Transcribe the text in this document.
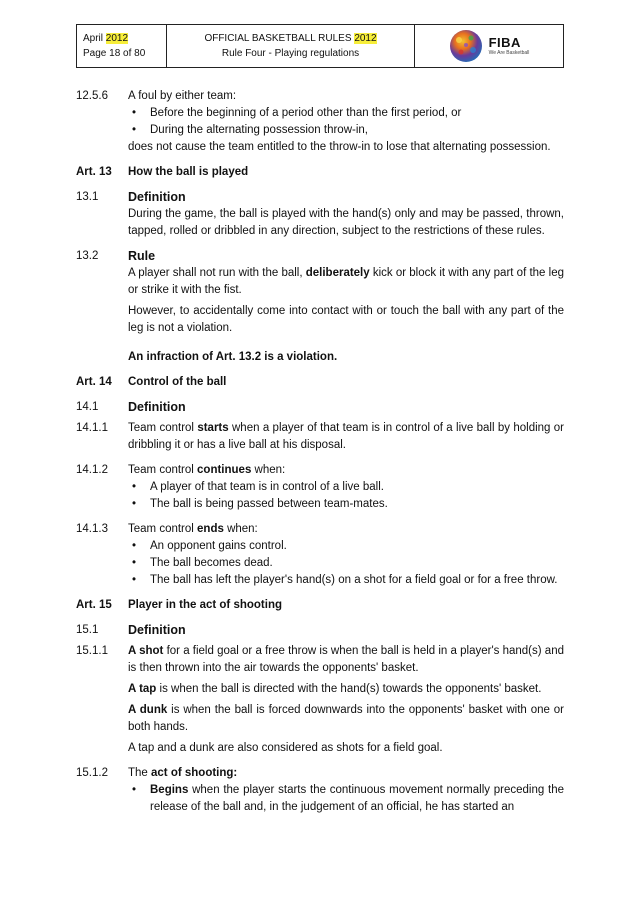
April 2012
Page 18 of 80
OFFICIAL BASKETBALL RULES 2012
Rule Four - Playing regulations
FIBA
We Are Basketball
12.5.6	A foul by either team:
•	Before the beginning of a period other than the first period, or
•	During the alternating possession throw-in,
does not cause the team entitled to the throw-in to lose that alternating possession.
Art. 13	How the ball is played
13.1	Definition
During the game, the ball is played with the hand(s) only and may be passed, thrown, tapped, rolled or dribbled in any direction, subject to the restrictions of these rules.
13.2	Rule
A player shall not run with the ball, deliberately kick or block it with any part of the leg or strike it with the fist.
However, to accidentally come into contact with or touch the ball with any part of the leg is not a violation.
An infraction of Art. 13.2 is a violation.
Art. 14	Control of the ball
14.1	Definition
14.1.1	Team control starts when a player of that team is in control of a live ball by holding or dribbling it or has a live ball at his disposal.
14.1.2	Team control continues when:
•	A player of that team is in control of a live ball.
•	The ball is being passed between team-mates.
14.1.3	Team control ends when:
•	An opponent gains control.
•	The ball becomes dead.
•	The ball has left the player's hand(s) on a shot for a field goal or for a free throw.
Art. 15	Player in the act of shooting
15.1	Definition
15.1.1	A shot for a field goal or a free throw is when the ball is held in a player's hand(s) and is then thrown into the air towards the opponents' basket.
A tap is when the ball is directed with the hand(s) towards the opponents' basket.
A dunk is when the ball is forced downwards into the opponents' basket with one or both hands.
A tap and a dunk are also considered as shots for a field goal.
15.1.2	The act of shooting:
•	Begins when the player starts the continuous movement normally preceding the release of the ball and, in the judgement of an official, he has started an
